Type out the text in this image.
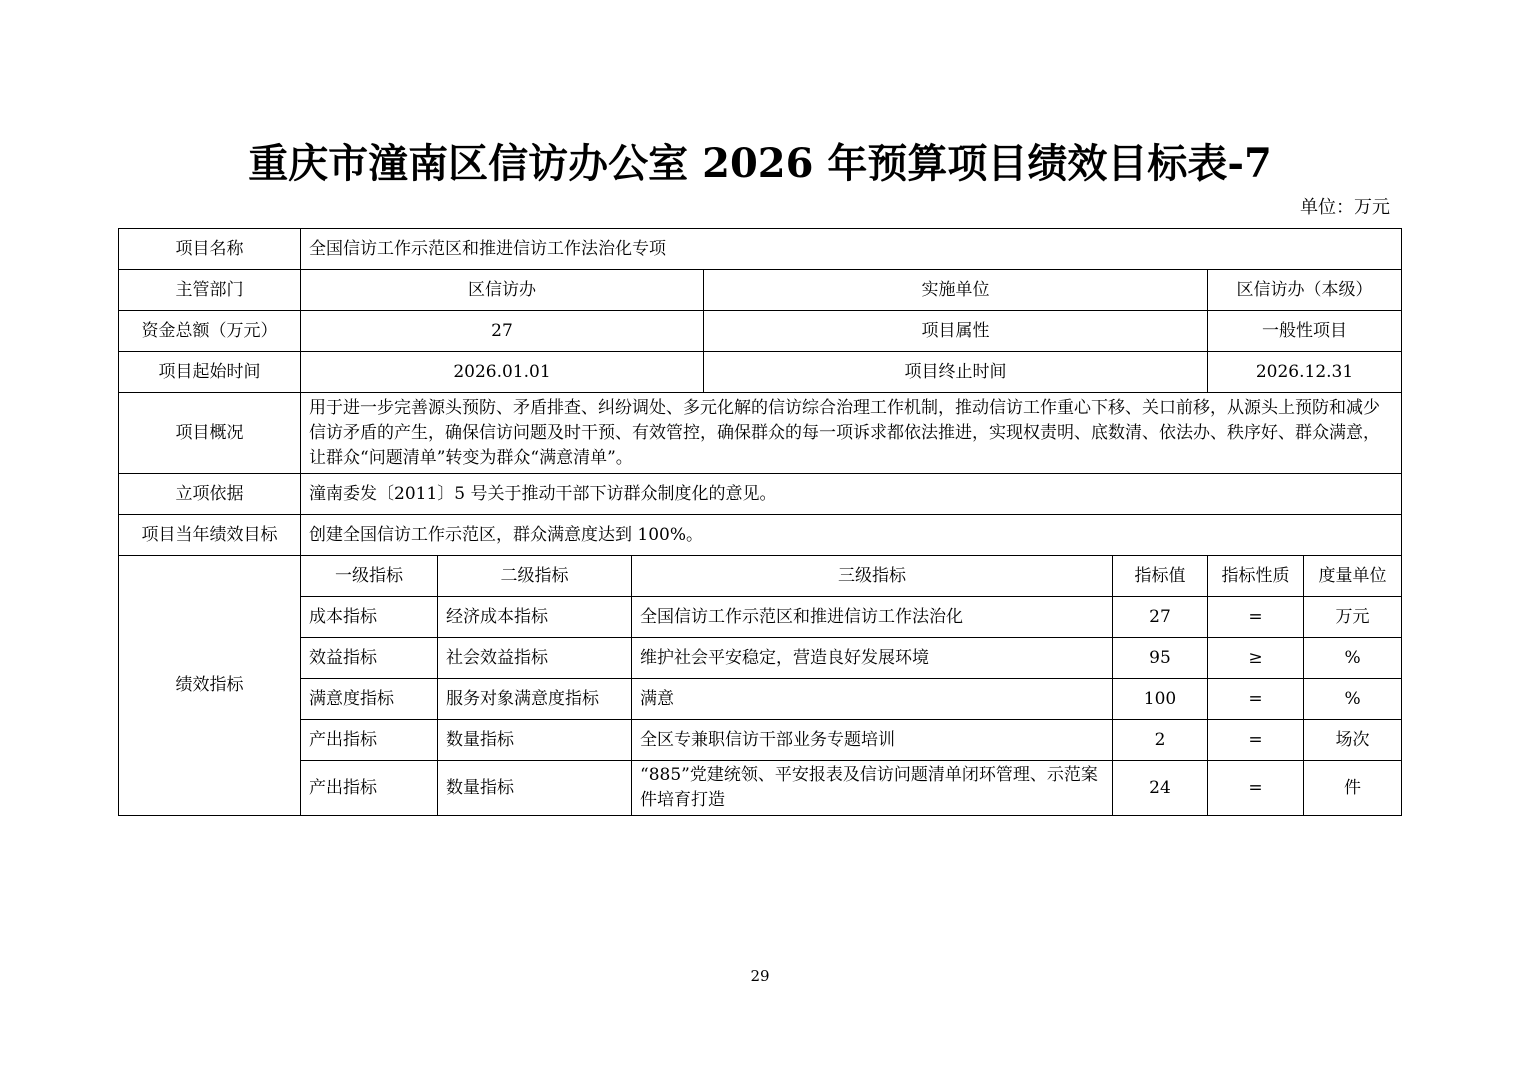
重庆市潼南区信访办公室 2026 年预算项目绩效目标表-7
单位：万元
项目名称	全国信访工作示范区和推进信访工作法治化专项						
主管部门	区信访办			实施单位		区信访办（本级）	
资金总额（万元）	27			项目属性		一般性项目	
项目起始时间	2026.01.01			项目终止时间		2026.12.31	
项目概况	用于进一步完善源头预防、矛盾排查、纠纷调处、多元化解的信访综合治理工作机制，推动信访工作重心下移、关口前移，从源头上预防和减少信访矛盾的产生，确保信访问题及时干预、有效管控，确保群众的每一项诉求都依法推进，实现权责明、底数清、依法办、秩序好、群众满意，让群众“问题清单”转变为群众“满意清单”。						
立项依据	潼南委发〔2011〕5 号关于推动干部下访群众制度化的意见。						
项目当年绩效目标	创建全国信访工作示范区，群众满意度达到 100%。						
绩效指标	一级指标	二级指标	三级指标		指标值	指标性质	度量单位
	成本指标	经济成本指标	全国信访工作示范区和推进信访工作法治化		27	=	万元
	效益指标	社会效益指标	维护社会平安稳定，营造良好发展环境		95	≥	%
	满意度指标	服务对象满意度指标	满意		100	=	%
	产出指标	数量指标	全区专兼职信访干部业务专题培训		2	=	场次
	产出指标	数量指标	“885”党建统领、平安报表及信访问题清单闭环管理、示范案件培育打造		24	=	件
29
